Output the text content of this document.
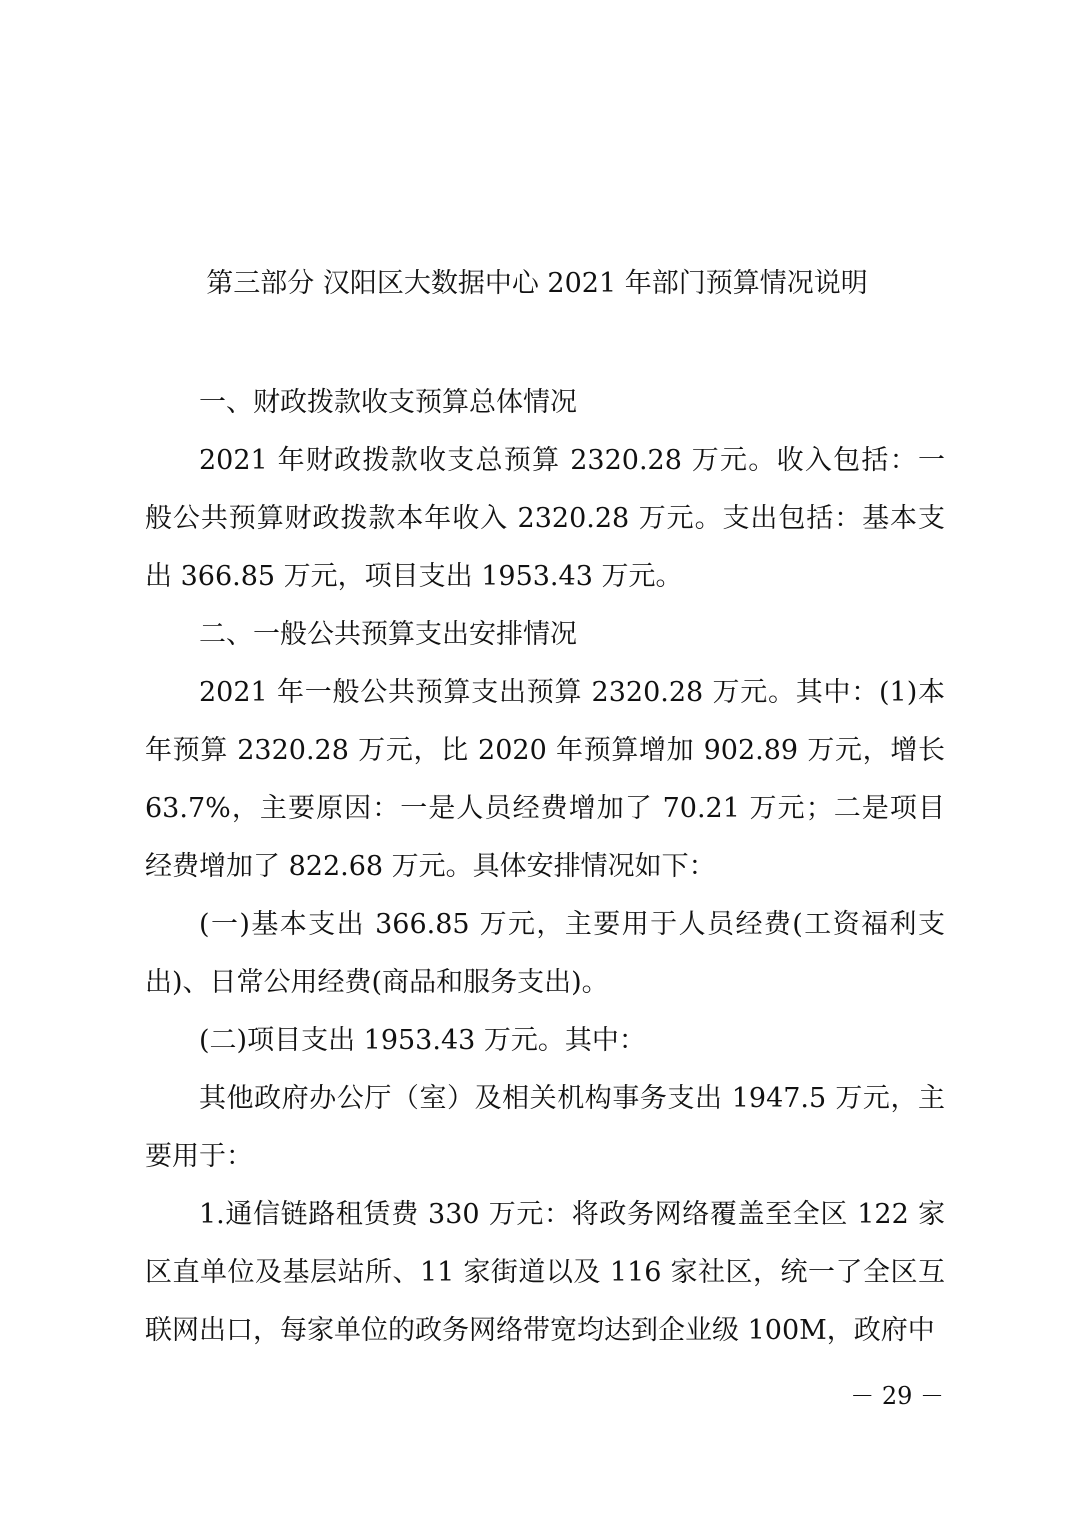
第三部分 汉阳区大数据中心 2021 年部门预算情况说明

一、财政拨款收支预算总体情况

2021 年财政拨款收支总预算 2320.28 万元。收入包括：一般公共预算财政拨款本年收入 2320.28 万元。支出包括：基本支出 366.85 万元，项目支出 1953.43 万元。

二、一般公共预算支出安排情况

2021 年一般公共预算支出预算 2320.28 万元。其中：(1)本年预算 2320.28 万元，比 2020 年预算增加 902.89 万元，增长 63.7%，主要原因：一是人员经费增加了 70.21 万元；二是项目经费增加了 822.68 万元。具体安排情况如下：

(一)基本支出 366.85 万元，主要用于人员经费(工资福利支出)、日常公用经费(商品和服务支出)。

(二)项目支出 1953.43 万元。其中：

其他政府办公厅（室）及相关机构事务支出 1947.5 万元，主要用于：

1.通信链路租赁费 330 万元：将政务网络覆盖至全区 122 家区直单位及基层站所、11 家街道以及 116 家社区，统一了全区互联网出口，每家单位的政务网络带宽均达到企业级 100M，政府中

－ 29 －
